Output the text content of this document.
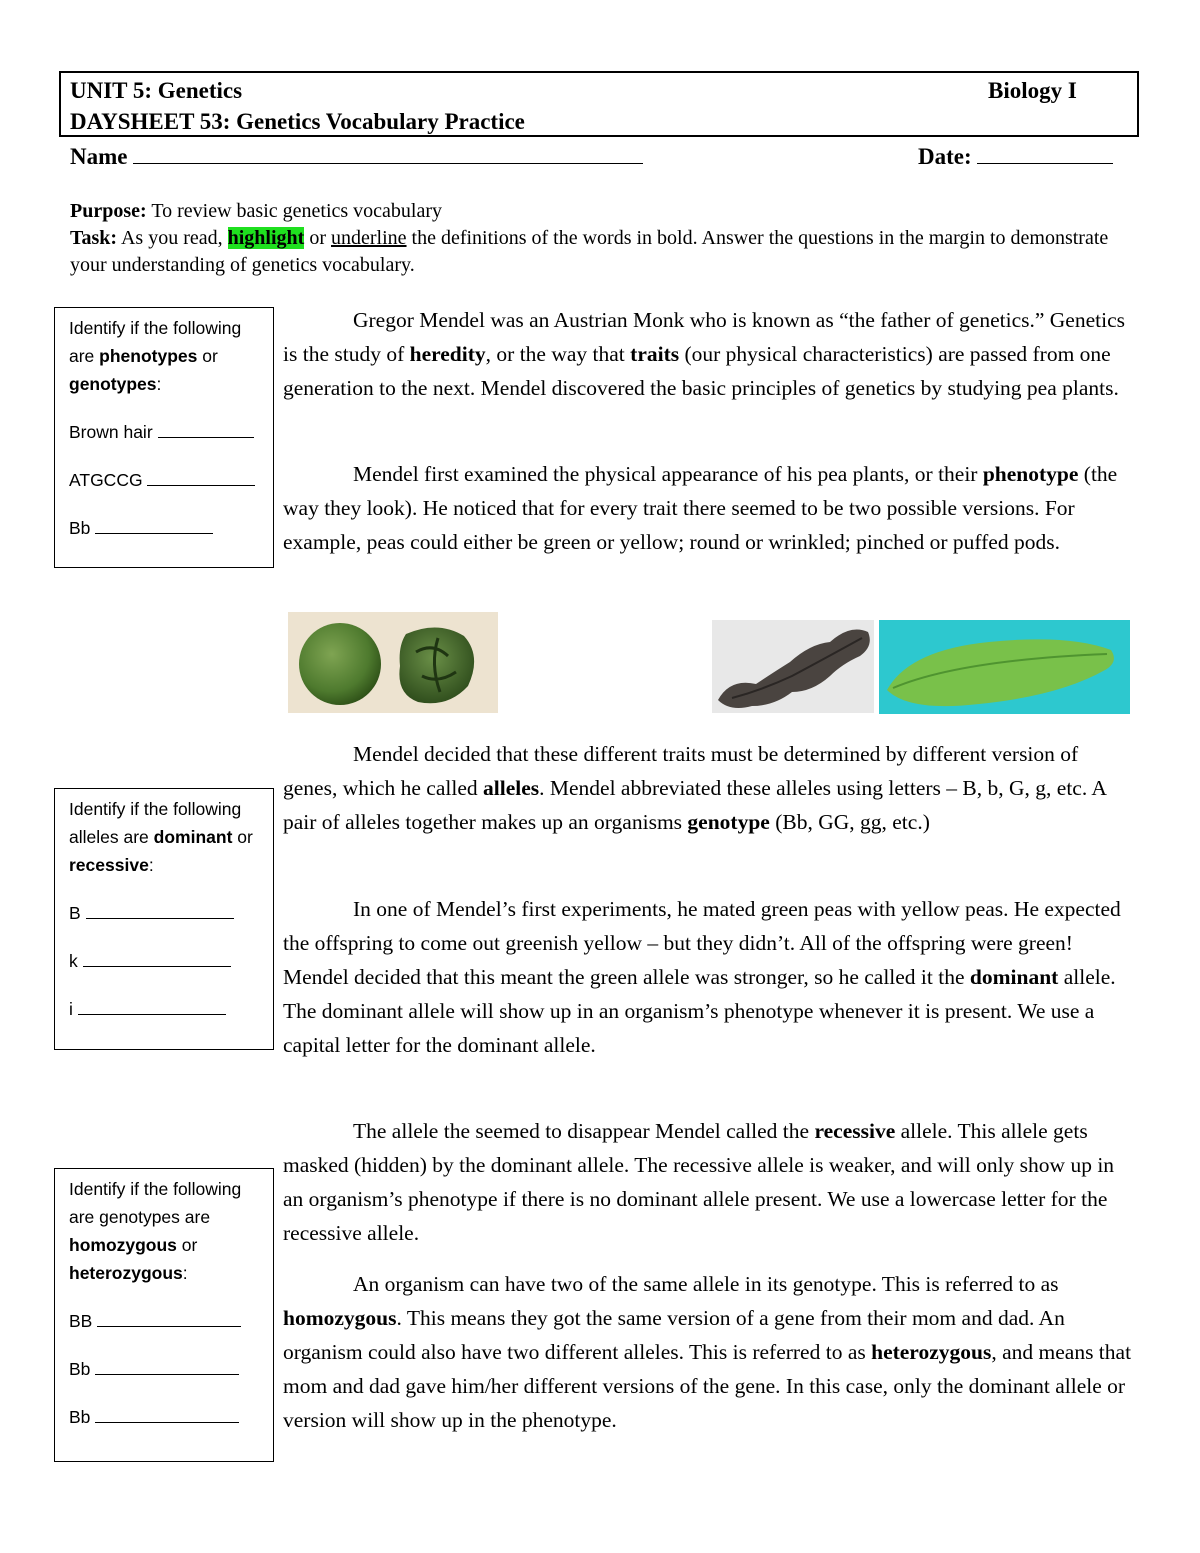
UNIT 5: Genetics	Biology I
DAYSHEET 53: Genetics Vocabulary Practice
Name	Date:
Purpose: To review basic genetics vocabulary
Task: As you read, highlight or underline the definitions of the words in bold. Answer the questions in the margin to demonstrate your understanding of genetics vocabulary.

Identify if the following are phenotypes or genotypes:

Brown hair

ATGCCG

Bb

Identify if the following alleles are dominant or recessive:

B

k

i

Identify if the following are genotypes are homozygous or heterozygous:

BB

Bb

Bb

Gregor Mendel was an Austrian Monk who is known as “the father of genetics.” Genetics is the study of heredity, or the way that traits (our physical characteristics) are passed from one generation to the next. Mendel discovered the basic principles of genetics by studying pea plants.

Mendel first examined the physical appearance of his pea plants, or their phenotype (the way they look). He noticed that for every trait there seemed to be two possible versions. For example, peas could either be green or yellow; round or wrinkled; pinched or puffed pods.

Mendel decided that these different traits must be determined by different version of genes, which he called alleles. Mendel abbreviated these alleles using letters – B, b, G, g, etc. A pair of alleles together makes up an organisms genotype (Bb, GG, gg, etc.)

In one of Mendel’s first experiments, he mated green peas with yellow peas. He expected the offspring to come out greenish yellow – but they didn’t. All of the offspring were green! Mendel decided that this meant the green allele was stronger, so he called it the dominant allele. The dominant allele will show up in an organism’s phenotype whenever it is present. We use a capital letter for the dominant allele.

The allele the seemed to disappear Mendel called the recessive allele. This allele gets masked (hidden) by the dominant allele. The recessive allele is weaker, and will only show up in an organism’s phenotype if there is no dominant allele present. We use a lowercase letter for the recessive allele.

An organism can have two of the same allele in its genotype. This is referred to as homozygous. This means they got the same version of a gene from their mom and dad. An organism could also have two different alleles. This is referred to as heterozygous, and means that mom and dad gave him/her different versions of the gene. In this case, only the dominant allele or version will show up in the phenotype.
